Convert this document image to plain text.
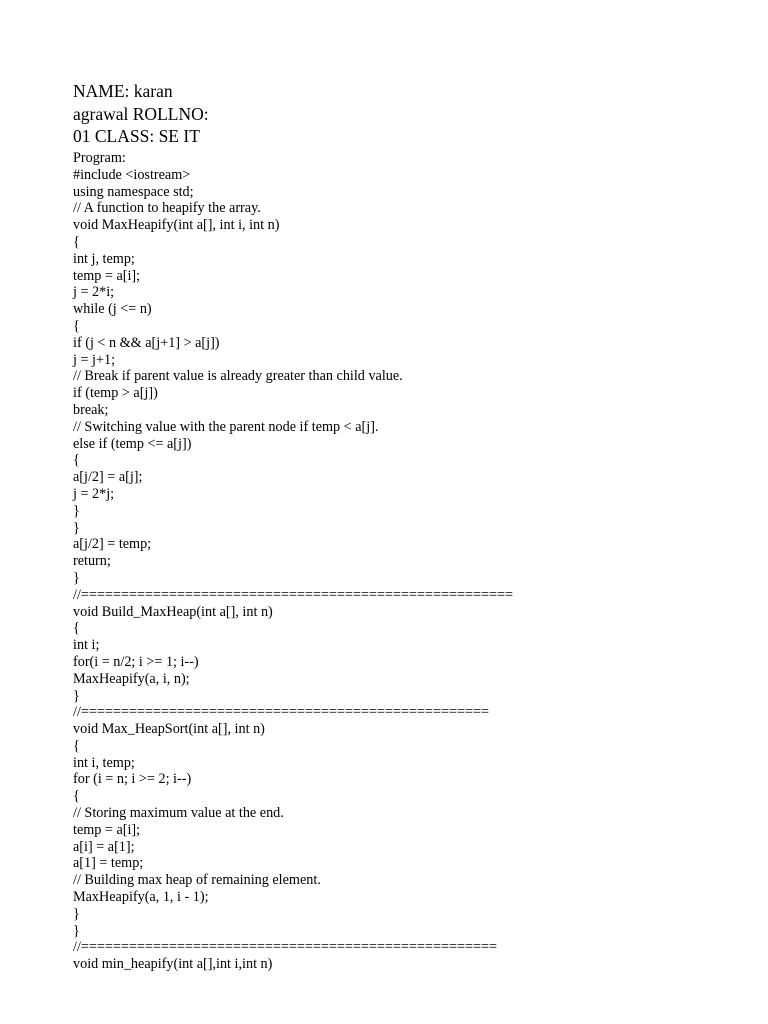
NAME: karan
agrawal ROLLNO:
01 CLASS: SE IT
Program:
#include <iostream>
using namespace std;
// A function to heapify the array.
void MaxHeapify(int a[], int i, int n)
{
int j, temp;
temp = a[i];
j = 2*i;
while (j <= n)
{
if (j < n && a[j+1] > a[j])
j = j+1;
// Break if parent value is already greater than child value.
if (temp > a[j])
break;
// Switching value with the parent node if temp < a[j].
else if (temp <= a[j])
{
a[j/2] = a[j];
j = 2*j;
}
}
a[j/2] = temp;
return;
}
//======================================================
void Build_MaxHeap(int a[], int n)
{
int i;
for(i = n/2; i >= 1; i--)
MaxHeapify(a, i, n);
}
//===================================================
void Max_HeapSort(int a[], int n)
{
int i, temp;
for (i = n; i >= 2; i--)
{
// Storing maximum value at the end.
temp = a[i];
a[i] = a[1];
a[1] = temp;
// Building max heap of remaining element.
MaxHeapify(a, 1, i - 1);
}
}
//====================================================
void min_heapify(int a[],int i,int n)
